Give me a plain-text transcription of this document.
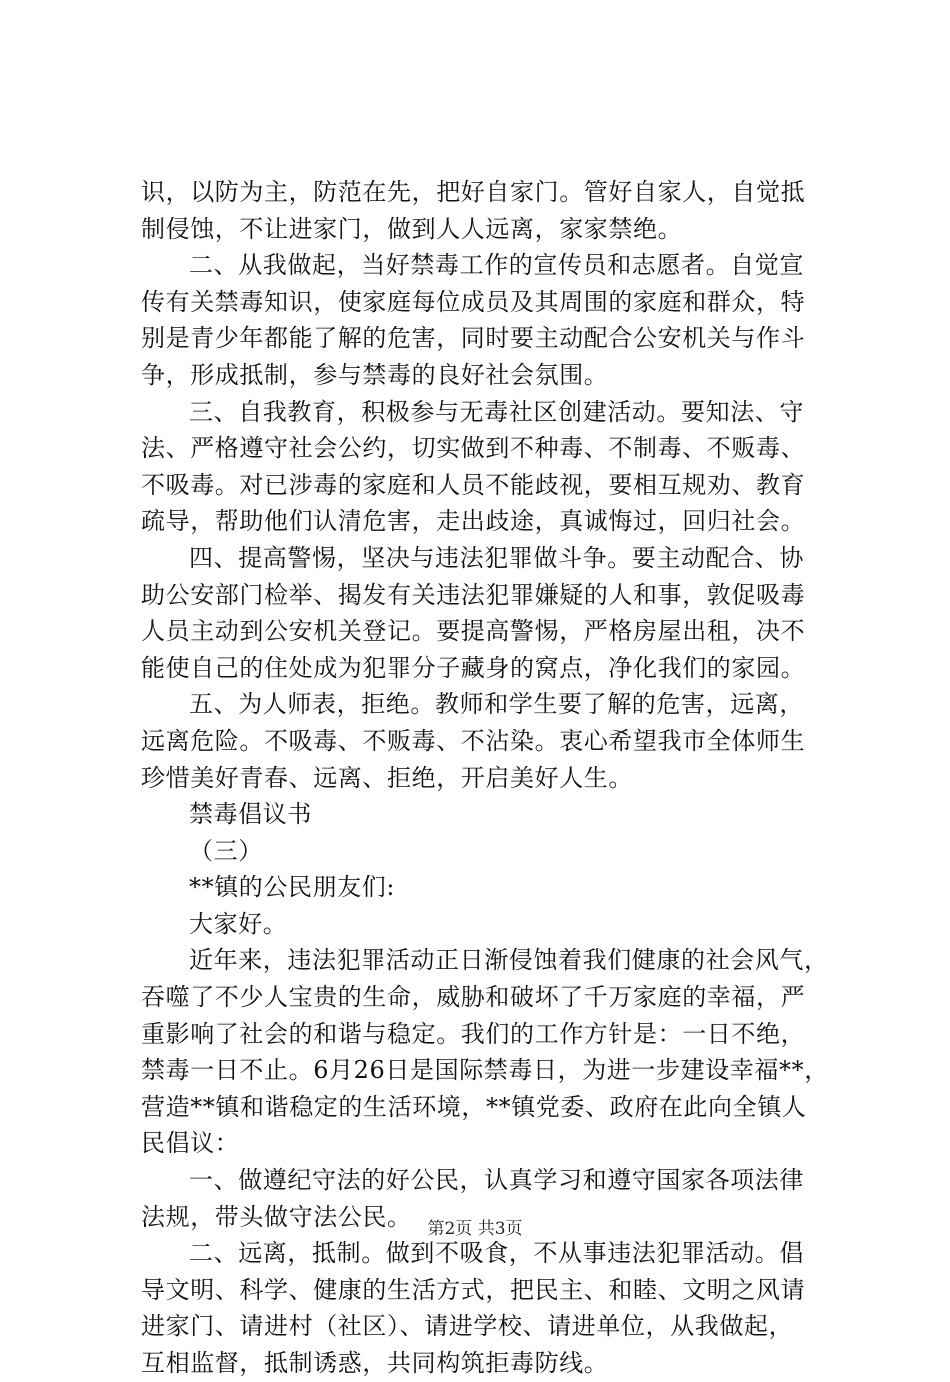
识，以防为主，防范在先，把好自家门。管好自家人，自觉抵
制侵蚀，不让进家门，做到人人远离，家家禁绝。
二、从我做起，当好禁毒工作的宣传员和志愿者。自觉宣
传有关禁毒知识，使家庭每位成员及其周围的家庭和群众，特
别是青少年都能了解的危害，同时要主动配合公安机关与作斗
争，形成抵制，参与禁毒的良好社会氛围。
三、自我教育，积极参与无毒社区创建活动。要知法、守
法、严格遵守社会公约，切实做到不种毒、不制毒、不贩毒、
不吸毒。对已涉毒的家庭和人员不能歧视，要相互规劝、教育
疏导，帮助他们认清危害，走出歧途，真诚悔过，回归社会。
四、提高警惕，坚决与违法犯罪做斗争。要主动配合、协
助公安部门检举、揭发有关违法犯罪嫌疑的人和事，敦促吸毒
人员主动到公安机关登记。要提高警惕，严格房屋出租，决不
能使自己的住处成为犯罪分子藏身的窝点，净化我们的家园。
五、为人师表，拒绝。教师和学生要了解的危害，远离，
远离危险。不吸毒、不贩毒、不沾染。衷心希望我市全体师生
珍惜美好青春、远离、拒绝，开启美好人生。
禁毒倡议书
（三）
**镇的公民朋友们:
大家好。
近年来，违法犯罪活动正日渐侵蚀着我们健康的社会风气，
吞噬了不少人宝贵的生命，威胁和破坏了千万家庭的幸福，严
重影响了社会的和谐与稳定。我们的工作方针是：一日不绝，
禁毒一日不止。6月26日是国际禁毒日，为进一步建设幸福**，
营造**镇和谐稳定的生活环境，**镇党委、政府在此向全镇人
民倡议：
一、做遵纪守法的好公民，认真学习和遵守国家各项法律
法规，带头做守法公民。
二、远离，抵制。做到不吸食，不从事违法犯罪活动。倡
导文明、科学、健康的生活方式，把民主、和睦、文明之风请
进家门、请进村（社区）、请进学校、请进单位，从我做起，
互相监督，抵制诱惑，共同构筑拒毒防线。
第2页 共3页
